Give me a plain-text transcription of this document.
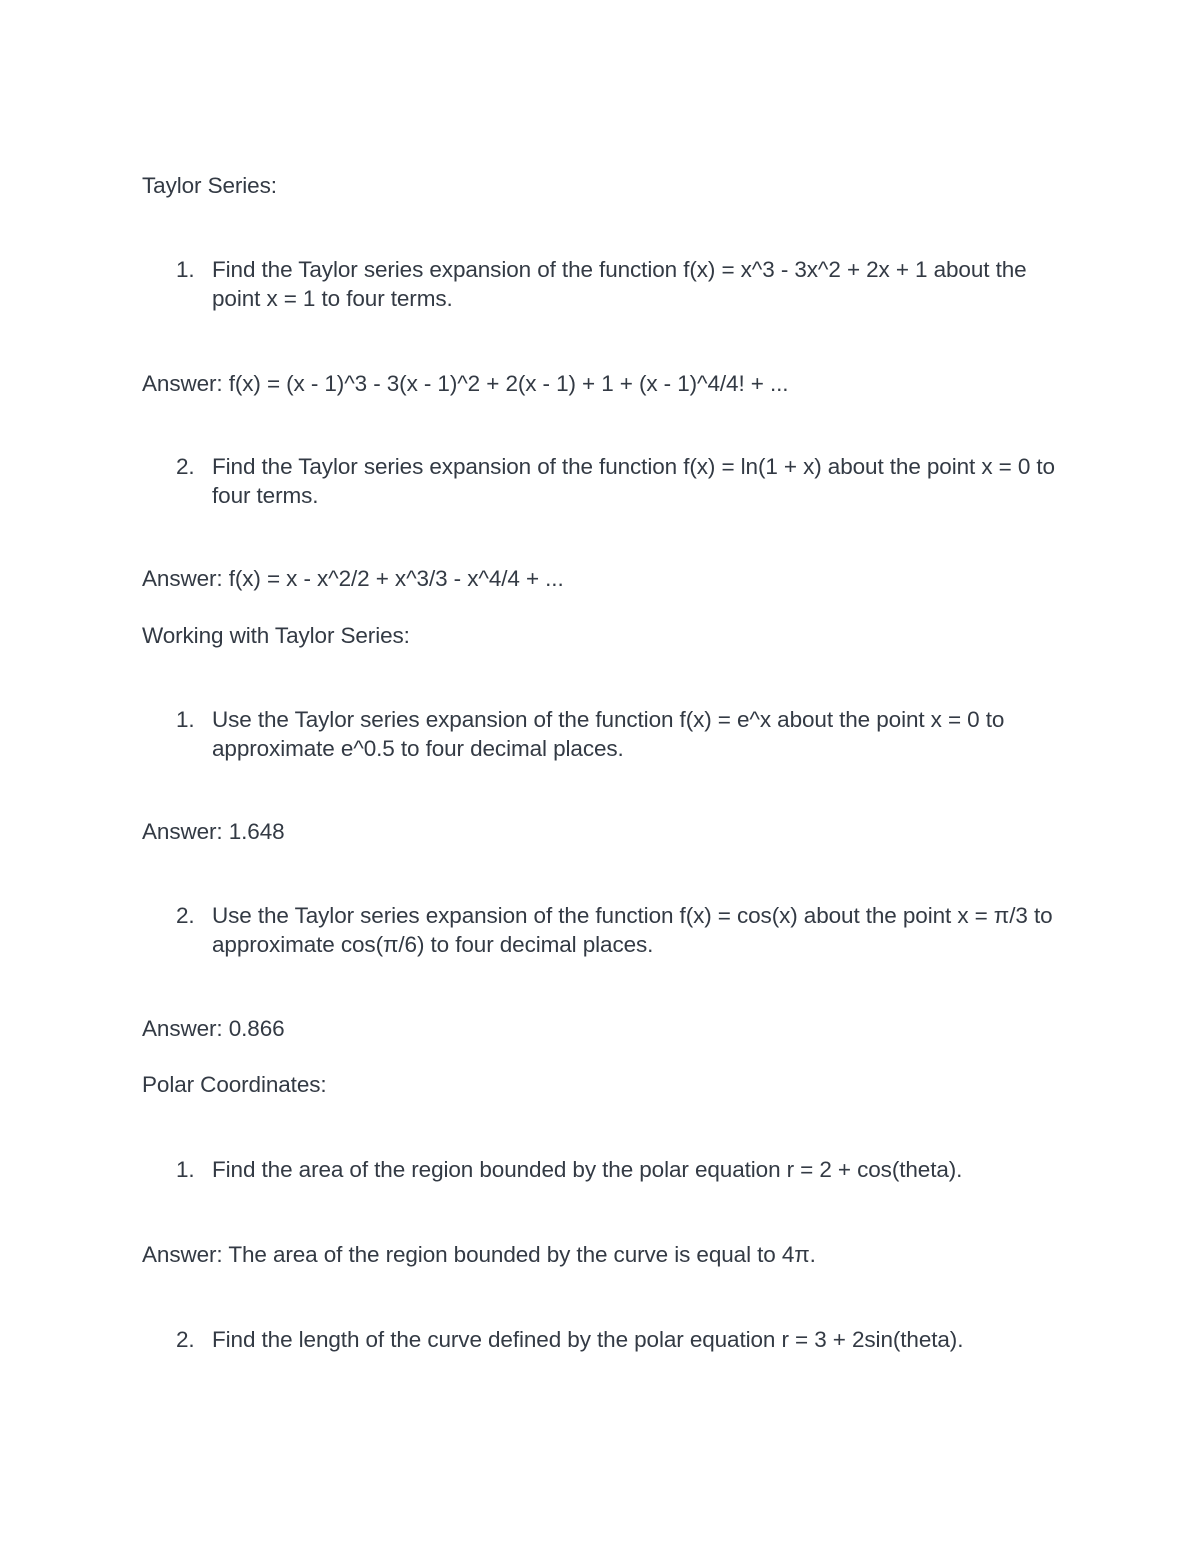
Taylor Series:
1. Find the Taylor series expansion of the function f(x) = x^3 - 3x^2 + 2x + 1 about the point x = 1 to four terms.
Answer: f(x) = (x - 1)^3 - 3(x - 1)^2 + 2(x - 1) + 1 + (x - 1)^4/4! + ...
2. Find the Taylor series expansion of the function f(x) = ln(1 + x) about the point x = 0 to four terms.
Answer: f(x) = x - x^2/2 + x^3/3 - x^4/4 + ...
Working with Taylor Series:
1. Use the Taylor series expansion of the function f(x) = e^x about the point x = 0 to approximate e^0.5 to four decimal places.
Answer: 1.648
2. Use the Taylor series expansion of the function f(x) = cos(x) about the point x = π/3 to approximate cos(π/6) to four decimal places.
Answer: 0.866
Polar Coordinates:
1. Find the area of the region bounded by the polar equation r = 2 + cos(theta).
Answer: The area of the region bounded by the curve is equal to 4π.
2. Find the length of the curve defined by the polar equation r = 3 + 2sin(theta).
